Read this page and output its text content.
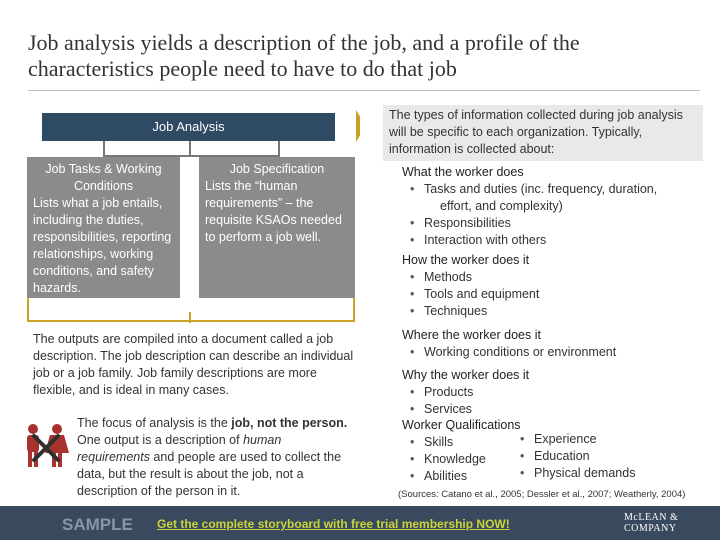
Job analysis yields a description of the job, and a profile of the characteristics people need to have to do that job
Job Analysis
Job Tasks & Working Conditions
Lists what a job entails, including the duties, responsibilities, reporting relationships, working conditions, and safety hazards.
Job Specification
Lists the “human requirements” – the requisite KSAOs needed to perform a job well.
The outputs are compiled into a document called a job description. The job description can describe an individual job or a job family. Job family descriptions are more flexible, and is ideal in many cases.
The focus of analysis is the job, not the person. One output is a description of human requirements and people are used to collect the data, but the result is about the job, not a description of the person in it.
The types of information collected during job analysis will be specific to each organization. Typically, information is collected about:
What the worker does
• Tasks and duties (inc. frequency, duration,
effort, and complexity)
• Responsibilities
• Interaction with others
How the worker does it
• Methods
• Tools and equipment
• Techniques
Where the worker does it
• Working conditions or environment
Why the worker does it
• Products
• Services
Worker Qualifications
• Skills
• Knowledge
• Abilities
• Experience
• Education
• Physical demands
(Sources: Catano et al., 2005; Dessler et al., 2007; Weatherly, 2004)
SAMPLE Get the complete storyboard with free trial membership NOW!	McLEAN &
COMPANY
